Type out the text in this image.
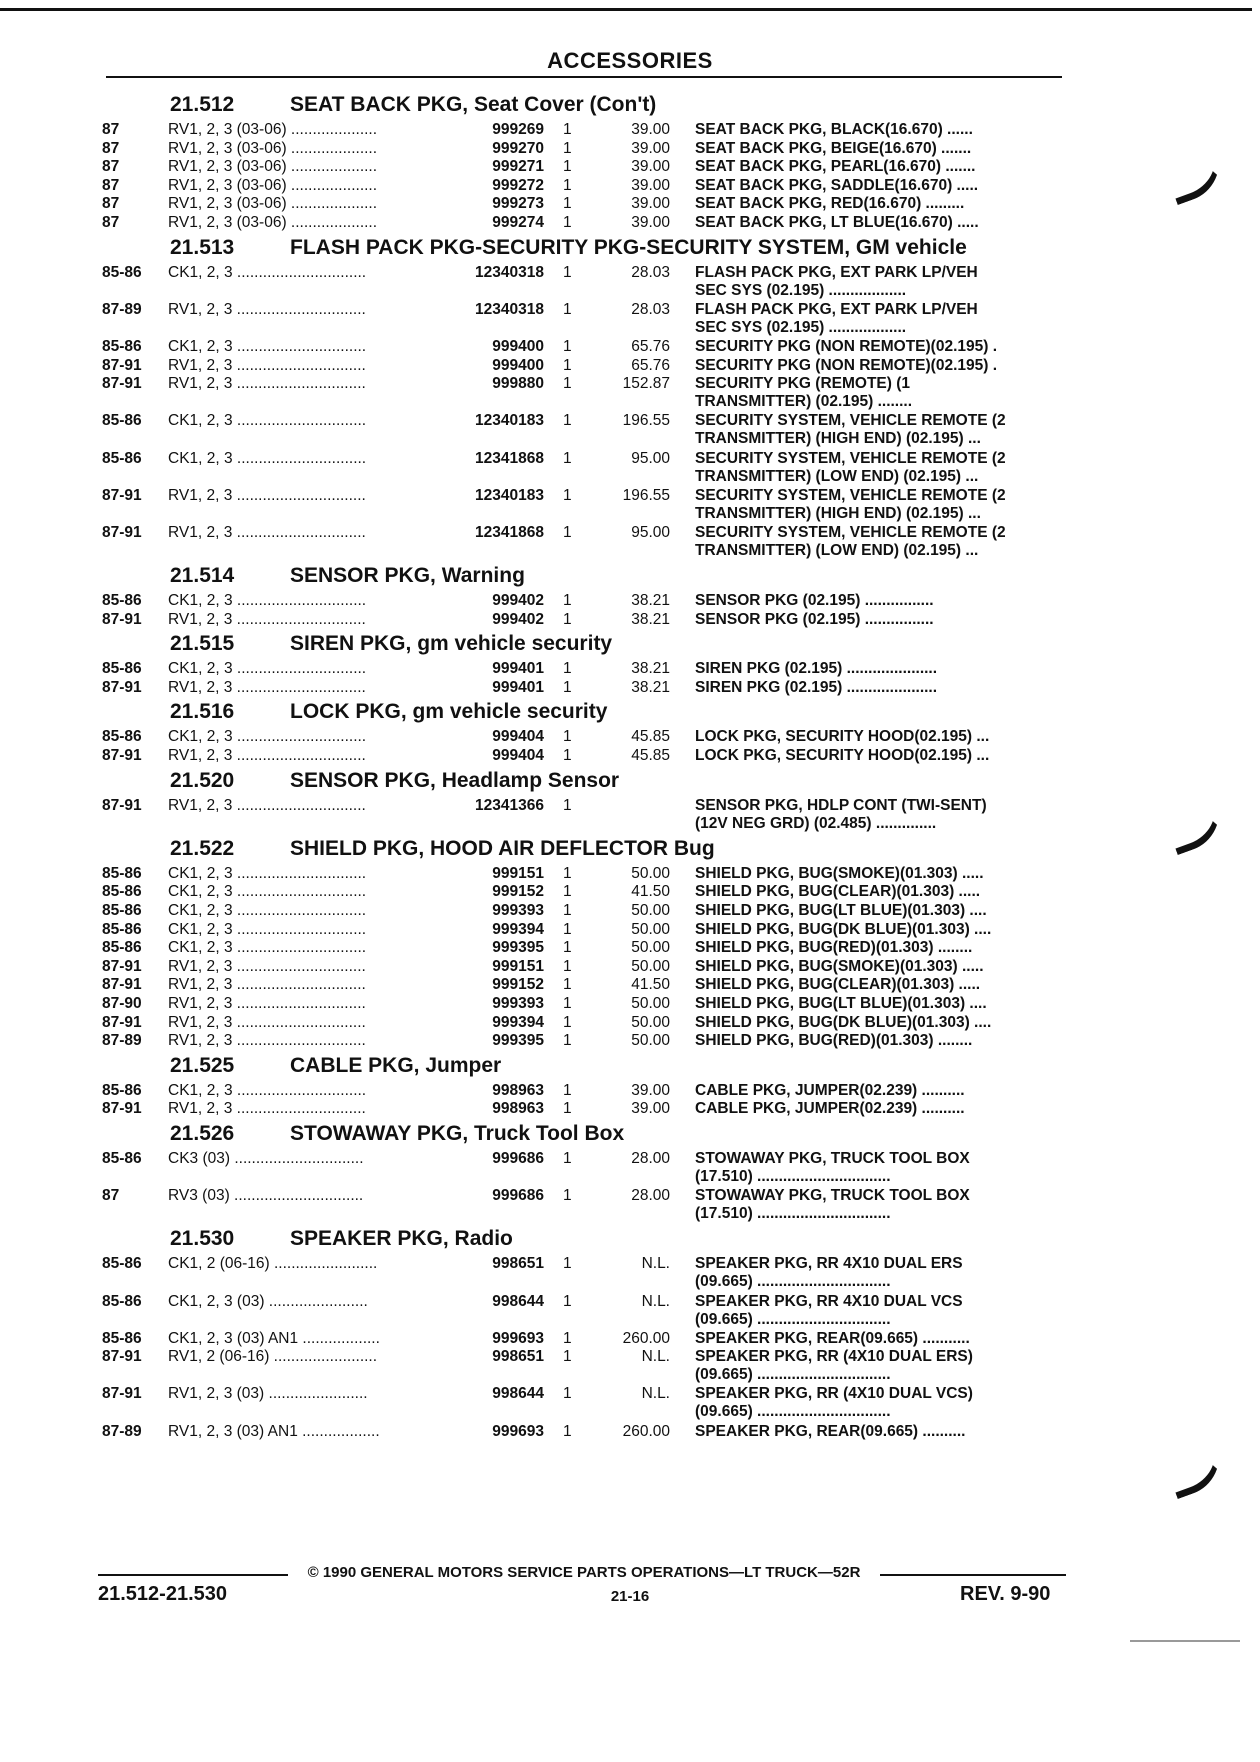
ACCESSORIES
21.512	SEAT BACK PKG, Seat Cover (Con't)
87	RV1, 2, 3 (03-06) ....................	999269 1	39.00 SEAT BACK PKG, BLACK(16.670) ......
87	RV1, 2, 3 (03-06) ....................	999270 1	39.00 SEAT BACK PKG, BEIGE(16.670) .......
87	RV1, 2, 3 (03-06) ....................	999271 1	39.00 SEAT BACK PKG, PEARL(16.670) .......
87	RV1, 2, 3 (03-06) ....................	999272 1	39.00 SEAT BACK PKG, SADDLE(16.670) .....
87	RV1, 2, 3 (03-06) ....................	999273 1	39.00 SEAT BACK PKG, RED(16.670) .........
87	RV1, 2, 3 (03-06) ....................	999274 1	39.00 SEAT BACK PKG, LT BLUE(16.670) .....
21.513	FLASH PACK PKG-SECURITY PKG-SECURITY SYSTEM, GM vehicle
85-86 CK1, 2, 3 ..............................	12340318 1	28.03 FLASH PACK PKG, EXT PARK LP/VEH
SEC SYS (02.195) ..................
87-89 RV1, 2, 3 ..............................	12340318 1	28.03 FLASH PACK PKG, EXT PARK LP/VEH
SEC SYS (02.195) ..................
85-86 CK1, 2, 3 ..............................	999400 1	65.76 SECURITY PKG (NON REMOTE)(02.195) .
87-91 RV1, 2, 3 ..............................	999400 1	65.76 SECURITY PKG (NON REMOTE)(02.195) .
87-91 RV1, 2, 3 ..............................	999880 1	152.87 SECURITY PKG (REMOTE) (1
TRANSMITTER) (02.195) ........
85-86 CK1, 2, 3 ..............................	12340183 1	196.55 SECURITY SYSTEM, VEHICLE REMOTE (2
TRANSMITTER) (HIGH END) (02.195) ...
85-86 CK1, 2, 3 ..............................	12341868 1	95.00 SECURITY SYSTEM, VEHICLE REMOTE (2
TRANSMITTER) (LOW END) (02.195) ...
87-91 RV1, 2, 3 ..............................	12340183 1	196.55 SECURITY SYSTEM, VEHICLE REMOTE (2
TRANSMITTER) (HIGH END) (02.195) ...
87-91 RV1, 2, 3 ..............................	12341868 1	95.00 SECURITY SYSTEM, VEHICLE REMOTE (2
TRANSMITTER) (LOW END) (02.195) ...
21.514	SENSOR PKG, Warning
85-86 CK1, 2, 3 ..............................	999402 1	38.21 SENSOR PKG (02.195) ................
87-91 RV1, 2, 3 ..............................	999402 1	38.21 SENSOR PKG (02.195) ................
21.515	SIREN PKG, gm vehicle security
85-86 CK1, 2, 3 ..............................	999401 1	38.21 SIREN PKG (02.195) .....................
87-91 RV1, 2, 3 ..............................	999401 1	38.21 SIREN PKG (02.195) .....................
21.516	LOCK PKG, gm vehicle security
85-86 CK1, 2, 3 ..............................	999404 1	45.85 LOCK PKG, SECURITY HOOD(02.195) ...
87-91 RV1, 2, 3 ..............................	999404 1	45.85 LOCK PKG, SECURITY HOOD(02.195) ...
21.520	SENSOR PKG, Headlamp Sensor
87-91 RV1, 2, 3 ..............................	12341366 1	SENSOR PKG, HDLP CONT (TWI-SENT)
(12V NEG GRD) (02.485) ..............
21.522	SHIELD PKG, HOOD AIR DEFLECTOR Bug
85-86 CK1, 2, 3 ..............................	999151 1	50.00 SHIELD PKG, BUG(SMOKE)(01.303) .....
85-86 CK1, 2, 3 ..............................	999152 1	41.50 SHIELD PKG, BUG(CLEAR)(01.303) .....
85-86 CK1, 2, 3 ..............................	999393 1	50.00 SHIELD PKG, BUG(LT BLUE)(01.303) ....
85-86 CK1, 2, 3 ..............................	999394 1	50.00 SHIELD PKG, BUG(DK BLUE)(01.303) ....
85-86 CK1, 2, 3 ..............................	999395 1	50.00 SHIELD PKG, BUG(RED)(01.303) ........
87-91 RV1, 2, 3 ..............................	999151 1	50.00 SHIELD PKG, BUG(SMOKE)(01.303) .....
87-91 RV1, 2, 3 ..............................	999152 1	41.50 SHIELD PKG, BUG(CLEAR)(01.303) .....
87-90 RV1, 2, 3 ..............................	999393 1	50.00 SHIELD PKG, BUG(LT BLUE)(01.303) ....
87-91 RV1, 2, 3 ..............................	999394 1	50.00 SHIELD PKG, BUG(DK BLUE)(01.303) ....
87-89 RV1, 2, 3 ..............................	999395 1	50.00 SHIELD PKG, BUG(RED)(01.303) ........
21.525	CABLE PKG, Jumper
85-86 CK1, 2, 3 ..............................	998963 1	39.00 CABLE PKG, JUMPER(02.239) ..........
87-91 RV1, 2, 3 ..............................	998963 1	39.00 CABLE PKG, JUMPER(02.239) ..........
21.526	STOWAWAY PKG, Truck Tool Box
85-86 CK3 (03) ..............................	999686 1	28.00 STOWAWAY PKG, TRUCK TOOL BOX
(17.510) ...............................
87	RV3 (03) ..............................	999686 1	28.00 STOWAWAY PKG, TRUCK TOOL BOX
(17.510) ...............................
21.530	SPEAKER PKG, Radio
85-86 CK1, 2 (06-16) ........................	998651 1	N.L. SPEAKER PKG, RR 4X10 DUAL ERS
(09.665) ...............................
85-86 CK1, 2, 3 (03) .......................	998644 1	N.L. SPEAKER PKG, RR 4X10 DUAL VCS
(09.665) ...............................
85-86 CK1, 2, 3 (03) AN1 ..................	999693 1	260.00 SPEAKER PKG, REAR(09.665) ...........
87-91 RV1, 2 (06-16) ........................	998651 1	N.L. SPEAKER PKG, RR (4X10 DUAL ERS)
(09.665) ...............................
87-91 RV1, 2, 3 (03) .......................	998644 1	N.L. SPEAKER PKG, RR (4X10 DUAL VCS)
(09.665) ...............................
87-89 RV1, 2, 3 (03) AN1 ..................	999693 1	260.00 SPEAKER PKG, REAR(09.665) ..........
© 1990 GENERAL MOTORS SERVICE PARTS OPERATIONS—LT TRUCK—52R
21.512-21.530	21-16	REV. 9-90
